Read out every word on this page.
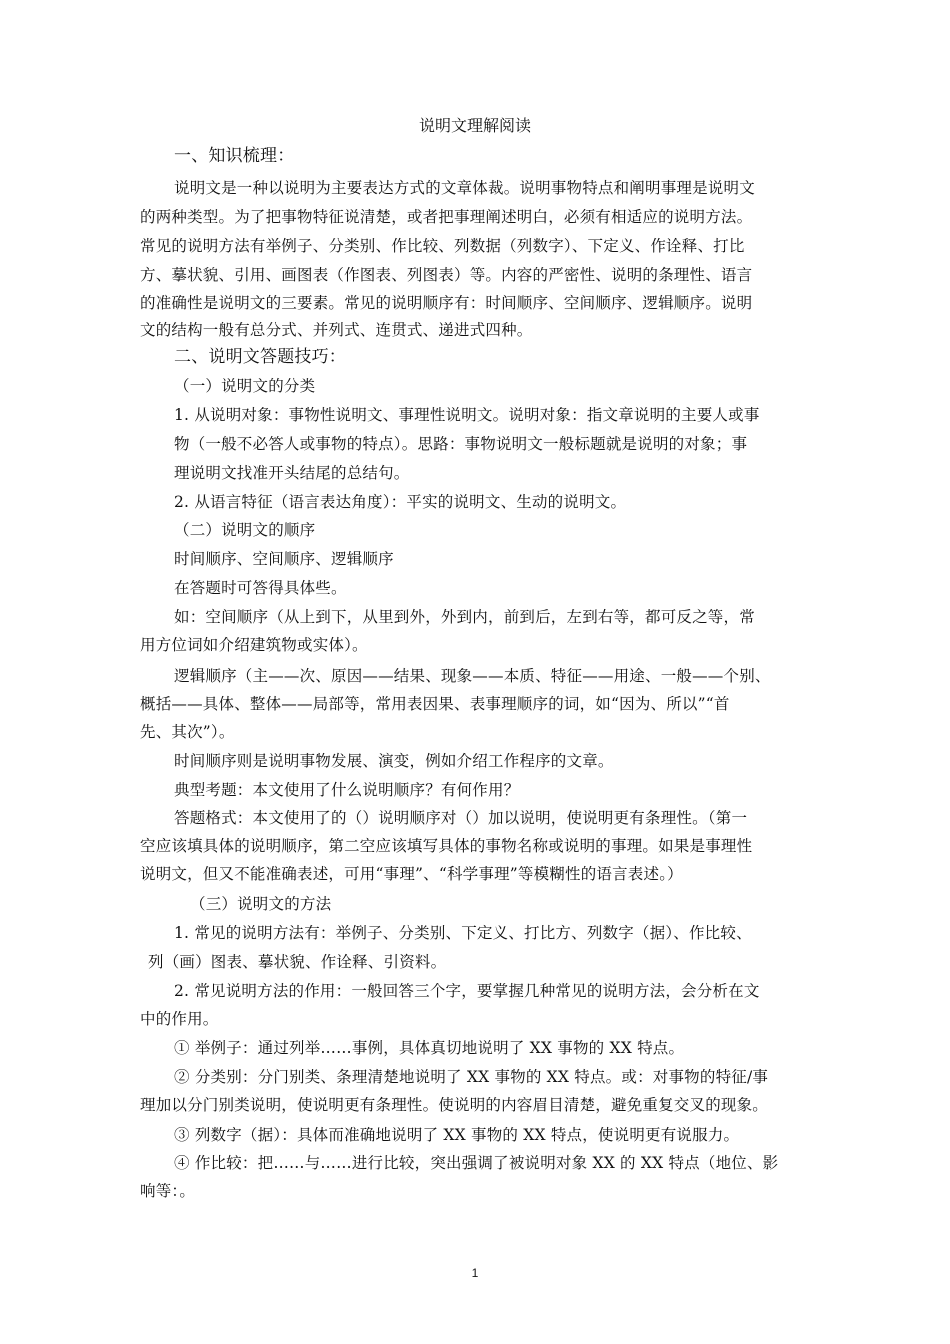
说明文理解阅读
一、知识梳理：
说明文是一种以说明为主要表达方式的文章体裁。说明事物特点和阐明事理是说明文
的两种类型。为了把事物特征说清楚，或者把事理阐述明白，必须有相适应的说明方法。
常见的说明方法有举例子、分类别、作比较、列数据（列数字）、下定义、作诠释、打比
方、摹状貌、引用、画图表（作图表、列图表）等。内容的严密性、说明的条理性、语言
的准确性是说明文的三要素。常见的说明顺序有：时间顺序、空间顺序、逻辑顺序。说明
文的结构一般有总分式、并列式、连贯式、递进式四种。
二、说明文答题技巧：
（一）说明文的分类
1. 从说明对象：事物性说明文、事理性说明文。说明对象：指文章说明的主要人或事
物（一般不必答人或事物的特点）。思路：事物说明文一般标题就是说明的对象；事
理说明文找准开头结尾的总结句。
2. 从语言特征（语言表达角度）：平实的说明文、生动的说明文。
（二）说明文的顺序
时间顺序、空间顺序、逻辑顺序
在答题时可答得具体些。
如：空间顺序（从上到下，从里到外，外到内，前到后，左到右等，都可反之等，常
用方位词如介绍建筑物或实体）。
逻辑顺序（主——次、原因——结果、现象——本质、特征——用途、一般——个别、
概括——具体、整体——局部等，常用表因果、表事理顺序的词，如“因为、所以”“首
先、其次”）。
时间顺序则是说明事物发展、演变，例如介绍工作程序的文章。
典型考题：本文使用了什么说明顺序？有何作用？
答题格式：本文使用了的（）说明顺序对（）加以说明，使说明更有条理性。（第一
空应该填具体的说明顺序，第二空应该填写具体的事物名称或说明的事理。如果是事理性
说明文，但又不能准确表述，可用“事理”、“科学事理”等模糊性的语言表述。）
（三）说明文的方法
1. 常见的说明方法有：举例子、分类别、下定义、打比方、列数字（据）、作比较、
列（画）图表、摹状貌、作诠释、引资料。
2. 常见说明方法的作用：一般回答三个字，要掌握几种常见的说明方法，会分析在文
中的作用。
① 举例子：通过列举……事例，具体真切地说明了 XX 事物的 XX 特点。
② 分类别：分门别类、条理清楚地说明了 XX 事物的 XX 特点。或：对事物的特征/事
理加以分门别类说明，使说明更有条理性。使说明的内容眉目清楚，避免重复交叉的现象。
③ 列数字（据）：具体而准确地说明了 XX 事物的 XX 特点，使说明更有说服力。
④ 作比较：把……与……进行比较，突出强调了被说明对象 XX 的 XX 特点（地位、影
响等：。
1
